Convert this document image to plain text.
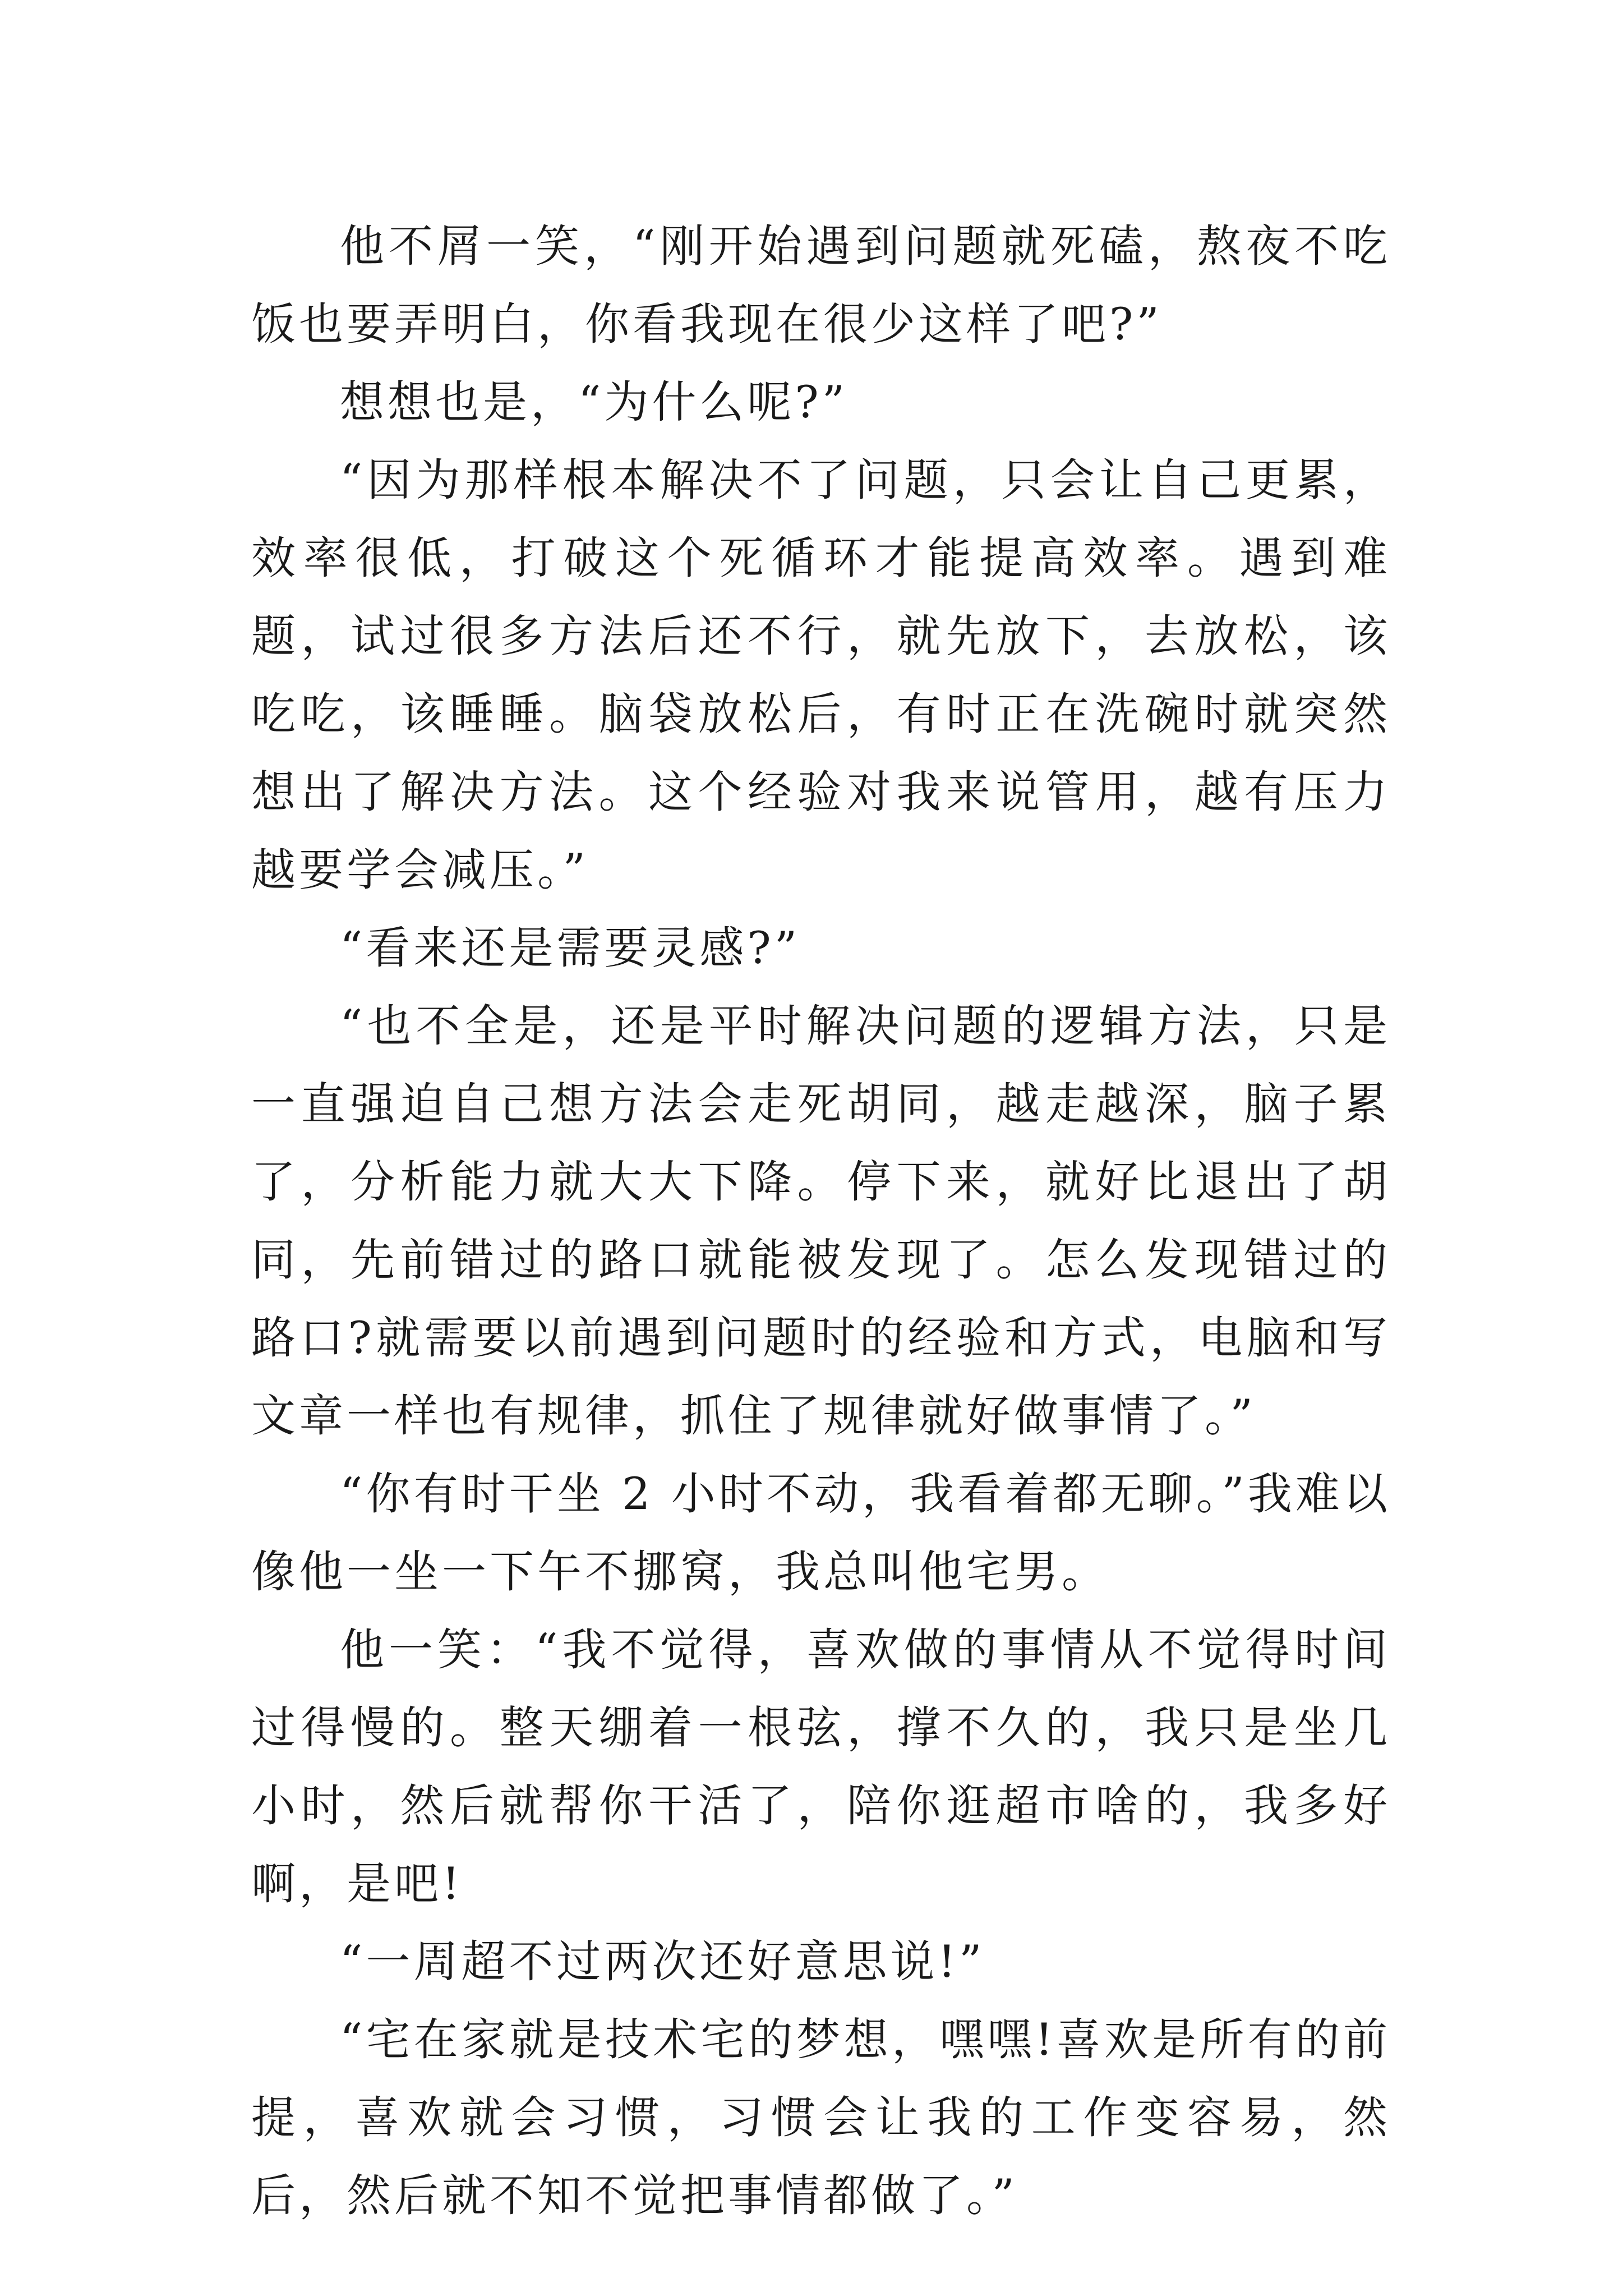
他不屑一笑，“刚开始遇到问题就死磕，熬夜不吃饭也要弄明白，你看我现在很少这样了吧?”

想想也是，“为什么呢?”

“因为那样根本解决不了问题，只会让自己更累，效率很低，打破这个死循环才能提高效率。遇到难题，试过很多方法后还不行，就先放下，去放松，该吃吃，该睡睡。脑袋放松后，有时正在洗碗时就突然想出了解决方法。这个经验对我来说管用，越有压力越要学会减压。”

“看来还是需要灵感?”

“也不全是，还是平时解决问题的逻辑方法，只是一直强迫自己想方法会走死胡同，越走越深，脑子累了，分析能力就大大下降。停下来，就好比退出了胡同，先前错过的路口就能被发现了。怎么发现错过的路口?就需要以前遇到问题时的经验和方式，电脑和写文章一样也有规律，抓住了规律就好做事情了。”

“你有时干坐 2 小时不动，我看着都无聊。”我难以像他一坐一下午不挪窝，我总叫他宅男。

他一笑：“我不觉得，喜欢做的事情从不觉得时间过得慢的。整天绷着一根弦，撑不久的，我只是坐几小时，然后就帮你干活了，陪你逛超市啥的，我多好啊，是吧!

“一周超不过两次还好意思说!”

“宅在家就是技术宅的梦想，嘿嘿!喜欢是所有的前提，喜欢就会习惯，习惯会让我的工作变容易，然后，然后就不知不觉把事情都做了。”
